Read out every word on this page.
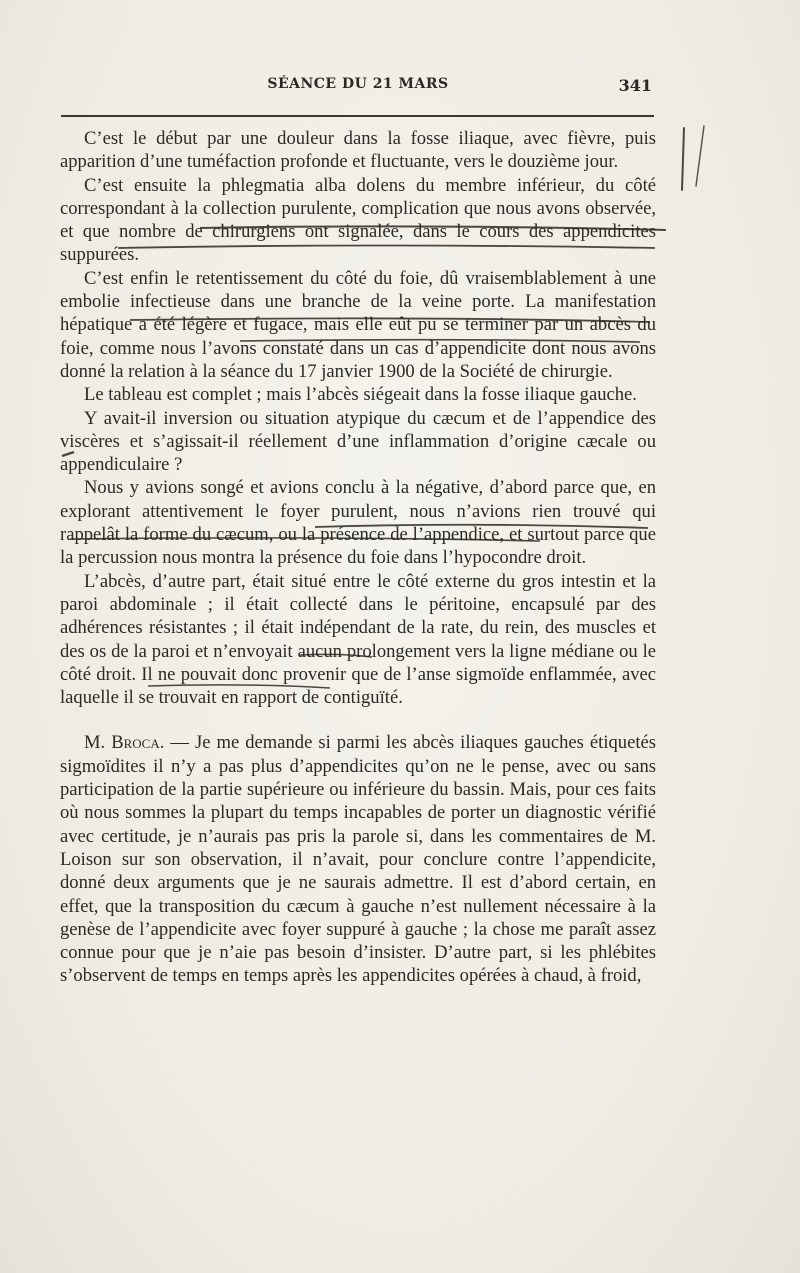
SÉANCE DU 21 MARS	341

C’est le début par une douleur dans la fosse iliaque, avec fièvre, puis apparition d’une tuméfaction profonde et fluctuante, vers le douzième jour.

C’est ensuite la phlegmatia alba dolens du membre inférieur, du côté correspondant à la collection purulente, complication que nous avons observée, et que nombre de chirurgiens ont signalée, dans le cours des appendicites suppurées.

C’est enfin le retentissement du côté du foie, dû vraisemblablement à une embolie infectieuse dans une branche de la veine porte. La manifestation hépatique a été légère et fugace, mais elle eût pu se terminer par un abcès du foie, comme nous l’avons constaté dans un cas d’appendicite dont nous avons donné la relation à la séance du 17 janvier 1900 de la Société de chirurgie.

Le tableau est complet ; mais l’abcès siégeait dans la fosse iliaque gauche.

Y avait-il inversion ou situation atypique du cæcum et de l’appendice des viscères et s’agissait-il réellement d’une inflammation d’origine cæcale ou appendiculaire ?

Nous y avions songé et avions conclu à la négative, d’abord parce que, en explorant attentivement le foyer purulent, nous n’avions rien trouvé qui rappelât la forme du cæcum, ou la présence de l’appendice, et surtout parce que la percussion nous montra la présence du foie dans l’hypocondre droit.

L’abcès, d’autre part, était situé entre le côté externe du gros intestin et la paroi abdominale ; il était collecté dans le péritoine, encapsulé par des adhérences résistantes ; il était indépendant de la rate, du rein, des muscles et des os de la paroi et n’envoyait aucun prolongement vers la ligne médiane ou le côté droit. Il ne pouvait donc provenir que de l’anse sigmoïde enflammée, avec laquelle il se trouvait en rapport de contiguïté.

M. Broca. — Je me demande si parmi les abcès iliaques gauches étiquetés sigmoïdites il n’y a pas plus d’appendicites qu’on ne le pense, avec ou sans participation de la partie supérieure ou inférieure du bassin. Mais, pour ces faits où nous sommes la plupart du temps incapables de porter un diagnostic vérifié avec certitude, je n’aurais pas pris la parole si, dans les commentaires de M. Loison sur son observation, il n’avait, pour conclure contre l’appendicite, donné deux arguments que je ne saurais admettre. Il est d’abord certain, en effet, que la transposition du cæcum à gauche n’est nullement nécessaire à la genèse de l’appendicite avec foyer suppuré à gauche ; la chose me paraît assez connue pour que je n’aie pas besoin d’insister. D’autre part, si les phlébites s’observent de temps en temps après les appendicites opérées à chaud, à froid,
